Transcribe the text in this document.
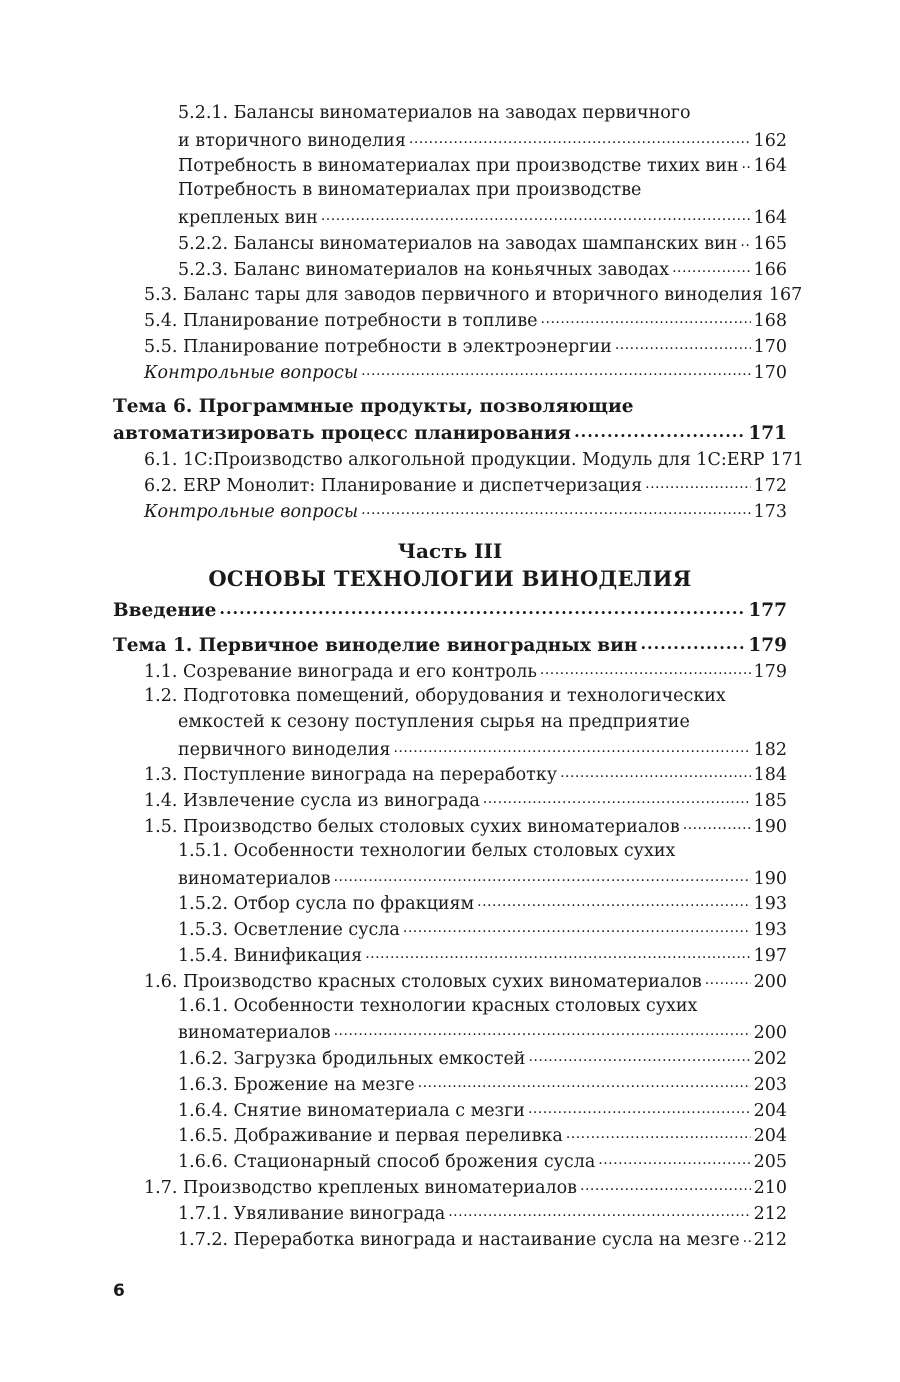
5.2.1. Балансы виноматериалов на заводах первичного
и вторичного виноделия .....	162
Потребность в виноматериалах при производстве тихих вин ..... 164
Потребность в виноматериалах при производстве
крепленых вин .....	164
5.2.2. Балансы виноматериалов на заводах шампанских вин ..... 165
5.2.3. Баланс виноматериалов на коньячных заводах .....	166
5.3. Баланс тары для заводов первичного и вторичного виноделия 167
5.4. Планирование потребности в топливе .....	168
5.5. Планирование потребности в электроэнергии .....	170
Контрольные вопросы .....	170
Тема 6. Программные продукты, позволяющие
автоматизировать процесс планирования .....	171
6.1. 1С:Производство алкогольной продукции. Модуль для 1С:ERP 171
6.2. ERP Монолит: Планирование и диспетчеризация .....	172
Контрольные вопросы .....	173
Часть III
ОСНОВЫ ТЕХНОЛОГИИ ВИНОДЕЛИЯ
Введение .....	177
Тема 1. Первичное виноделие виноградных вин .....	179
1.1. Созревание винограда и его контроль .....	179
1.2. Подготовка помещений, оборудования и технологических
емкостей к сезону поступления сырья на предприятие
первичного виноделия .....	182
1.3. Поступление винограда на переработку .....	184
1.4. Извлечение сусла из винограда .....	185
1.5. Производство белых столовых сухих виноматериалов .....	190
1.5.1. Особенности технологии белых столовых сухих
виноматериалов .....	190
1.5.2. Отбор сусла по фракциям .....	193
1.5.3. Осветление сусла .....	193
1.5.4. Винификация .....	197
1.6. Производство красных столовых сухих виноматериалов .....	200
1.6.1. Особенности технологии красных столовых сухих
виноматериалов .....	200
1.6.2. Загрузка бродильных емкостей .....	202
1.6.3. Брожение на мезге .....	203
1.6.4. Снятие виноматериала с мезги .....	204
1.6.5. Дображивание и первая переливка .....	204
1.6.6. Стационарный способ брожения сусла .....	205
1.7. Производство крепленых виноматериалов .....	210
1.7.1. Увяливание винограда .....	212
1.7.2. Переработка винограда и настаивание сусла на мезге ..... 212
6
